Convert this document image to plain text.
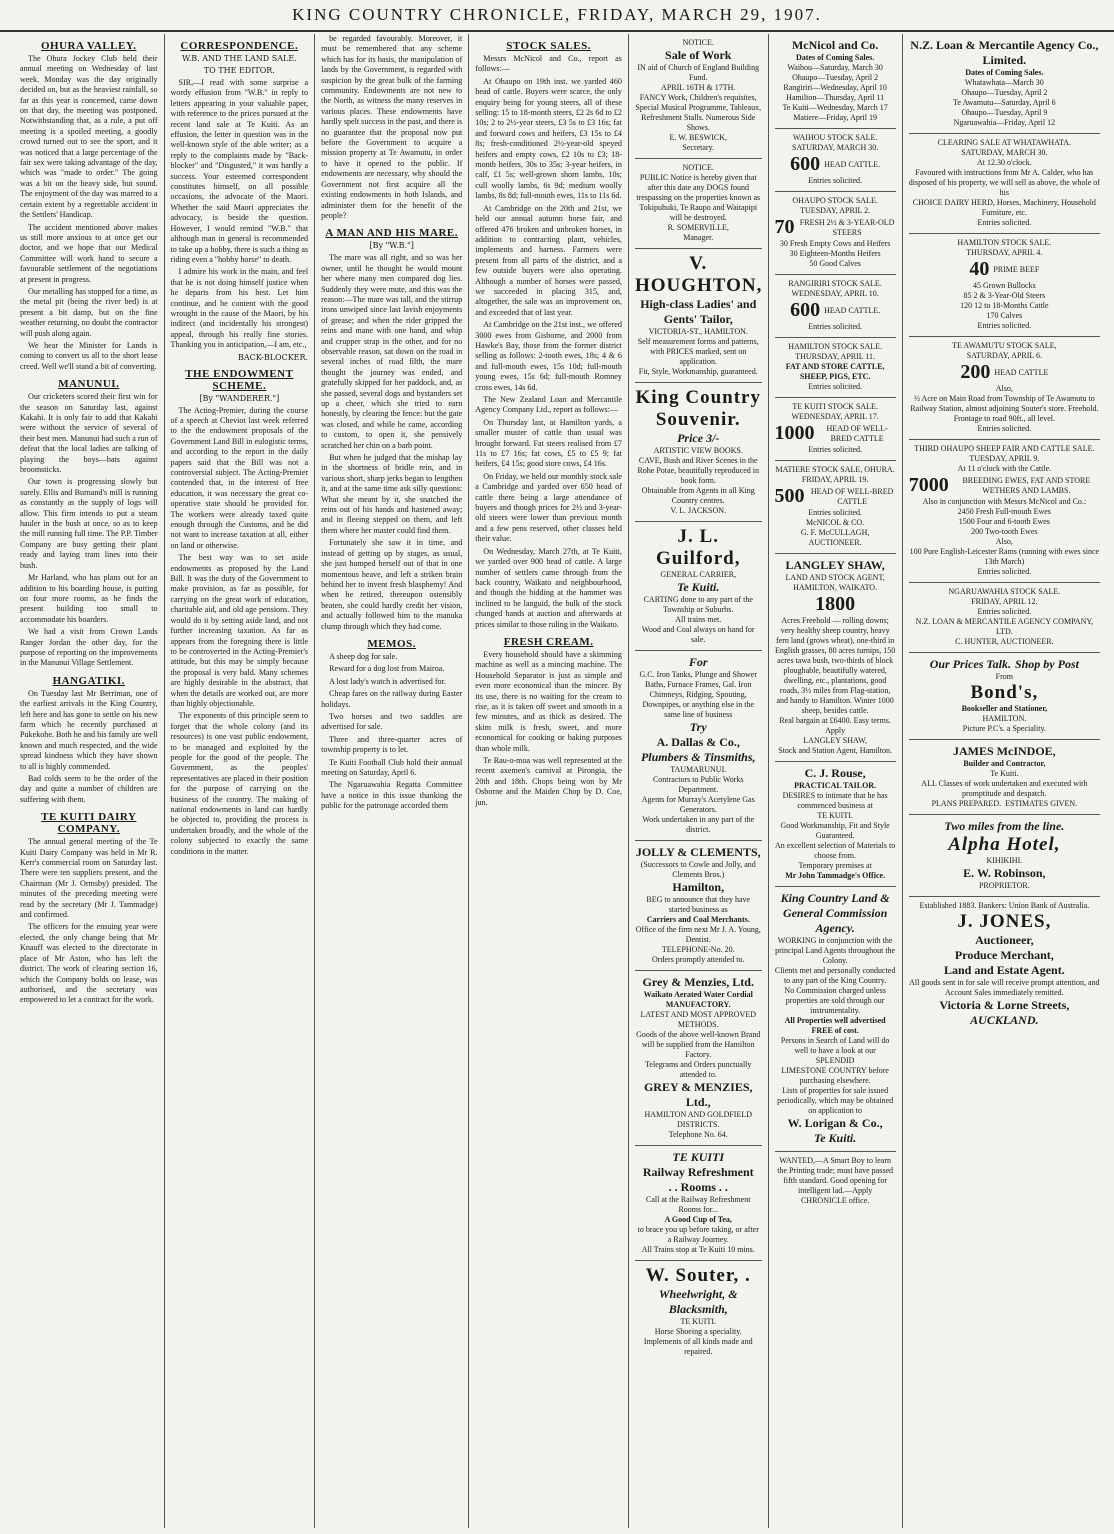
KING COUNTRY CHRONICLE, FRIDAY, MARCH 29, 1907.
OHURA VALLEY.

The Ohura Jockey Club held their annual meeting on Wednesday of last week. Monday was the day originally decided on, but as the heaviest rainfall, so far as this year is concerned, came down on that day, the meeting was postponed. Notwithstanding that, as a rule, a put off meeting is a spoiled meeting, a goodly crowd turned out to see the sport, and it was noticed that a large percentage of the fair sex were taking advantage of the day, which was "made to order." The going was a bit on the heavy side, but sound. The enjoyment of the day was marred to a certain extent by a regrettable accident in the Settlers' Handicap.

The accident mentioned above makes us still more anxious to at once get our doctor, and we hope that our Medical Committee will work hand to secure a favourable settlement of the negotiations at present in progress.

Our metalling has stopped for a time, as the metal pit (being the river bed) is at present a bit damp, but on the fine weather returning, no doubt the contractor will push along again.

We hear the Minister for Lands is coming to convert us all to the short lease creed. Well we'll stand a bit of converting.

MANUNUI.

Our cricketers scored their first win for the season on Saturday last, against Kakahi. It is only fair to add that Kakahi were without the service of several of their best men. Manunui had such a run of defeat that the local ladies are talking of playing the boys—bats against broomsticks.

Our town is progressing slowly but surely. Ellis and Burnand's mill is running as constantly as the supply of logs will allow. This firm intends to put a steam hauler in the bush at once, so as to keep the mill running full time. The P.P. Timber Company are busy getting their plant ready and laying tram lines into their bush.

Mr Harland, who has plans out for an addition to his boarding house, is putting on four more rooms, as he finds the present building too small to accommodate his boarders.

We had a visit from Crown Lands Ranger Jordan the other day, for the purpose of reporting on the improvements in the Manunui Village Settlement.

HANGATIKI.

On Tuesday last Mr Berriman, one of the earliest arrivals in the King Country, left here and has gone to settle on his new farm which he recently purchased at Pukekohe. Both he and his family are well known and much respected, and the wide spread kindness which they have shown to all is highly commended.

Bad colds seem to be the order of the day and quite a number of children are suffering with them.

TE KUITI DAIRY COMPANY.

The annual general meeting of the Te Kuiti Dairy Company was held in Mr R. Kerr's commercial room on Saturday last. There were ten suppliers present, and the Chairman (Mr J. Ormsby) presided. The minutes of the preceding meeting were read by the secretary (Mr J. Tammadge) and confirmed.

The officers for the ensuing year were elected, the only change being that Mr Knauff was elected to the directorate in place of Mr Aston, who has left the district. The work of clearing section 16, which the Company holds on lease, was authorised, and the secretary was empowered to let a contract for the work.

CORRESPONDENCE.
W.B. AND THE LAND SALE.
TO THE EDITOR.

SIR,—I read with some surprise a wordy effusion from "W.B." in reply to letters appearing in your valuable paper, with reference to the prices pursued at the recent land sale at Te Kuiti. As an effusion, the letter in question was in the well-known style of the able writer; as a reply to the complaints made by "Back-blocker" and "Disgusted," it was hardly a success. Your esteemed correspondent constitutes himself, on all possible occasions, the advocate of the Maori. Whether the said Maori appreciates the advocacy, is beside the question. However, I would remind "W.B." that although man in general is recommended to take up a hobby, there is such a thing as riding even a "hobby horse" to death.

I admire his work in the main, and feel that he is not doing himself justice when he departs from his best. Let him continue, and be content with the good wrought in the cause of the Maori, by his indirect (and incidentally his strongest) appeal, through his really fine stories. Thanking you in anticipation,—I am, etc.,

BACK-BLOCKER.
THE ENDOWMENT SCHEME.
[By "WANDERER."]

The Acting-Premier, during the course of a speech at Cheviot last week referred to the the endowment proposals of the Government Land Bill in eulogistic terms, and according to the report in the daily papers said that the Bill was not a controversial subject. The Acting-Premier contended that, in the interest of free education, it was necessary the great co-operative state should be provided for. The workers were already taxed quite enough through the Customs, and he did not want to increase taxation at all, either on land or otherwise.

The best way was to set aside endowments as proposed by the Land Bill. It was the duty of the Government to make provision, as far as possible, for carrying on the great work of education, charitable aid, and old age pensions. They would do it by setting aside land, and not further increasing taxation. As far as appears from the foregoing there is little to be controverted in the Acting-Premier's attitude, but this may be simply because the proposal is very bald. Many schemes are highly desirable in the abstract, that when the details are worked out, are more than highly objectionable.

The exponents of this principle seem to forget that the whole colony (and its resources) is one vast public endowment, to be managed and exploited by the people for the good of the people. The Government, as the peoples' representatives are placed in their position for the purpose of carrying on the business of the country. The making of national endowments in land can hardly be objected to, providing the process is undertaken broadly, and the whole of the colony subjected to exactly the same conditions in the matter.

be regarded favourably. Moreover, it must be remembered that any scheme which has for its basis, the manipulation of lands by the Government, is regarded with suspicion by the great bulk of the farming community. Endowments are not new to the North, as witness the many reserves in various places. These endowments have hardly spelt success in the past, and there is no guarantee that the proposal now put before the Government to acquire a mission property at Te Awamutu, in order to have it opened to the public. If endowments are necessary, why should the Government not first acquire all the existing endowments in both Islands, and administer them for the benefit of the people?

A MAN AND HIS MARE.
[By "W.B."]

The mare was all right, and so was her owner, until he thought he would mount her where many men compared dog lies. Suddenly they were mute, and this was the reason:—The mare was tall, and the stirrup irons unwiped since last lavish enjoyments of grease; and when the rider gripped the reins and mane with one hand, and whip and crupper strap in the other, and for no observable reason, sat down on the road in several inches of road filth, the mare thought the journey was ended, and gratefully skipped for her paddock, and, as she passed, several dogs and bystanders set up a cheer, which she tried to earn honestly, by clearing the fence: but the gate was closed, and while he came, according to custom, to open it, she pensively scratched her chin on a barb point.

But when he judged that the mishap lay in the shortness of bridle rein, and in various short, sharp jerks began to lengthen it, and at the same time ask silly questions: What she meant by it, she snatched the reins out of his hands and hastened away; and in fleeing stepped on them, and left them where her master could find them.

Fortunately she saw it in time, and instead of getting up by stages, as usual, she just humped herself out of that in one momentous heave, and left a striken brain behind her to invent fresh blasphemy! And when he retired, thereupon ostensibly beaten, she could hardly credit her vision, and actually followed him to the manuka clump through which they had come.

MEMOS.

A sheep dog for sale.

Reward for a dog lost from Mairoa.

A lost lady's watch is advertised for.

Cheap fares on the railway during Easter holidays.

Two horses and two saddles are advertised for sale.

Three and three-quarter acres of township property is to let.

Te Kuiti Football Club hold their annual meeting on Saturday, April 6.

The Ngaruawahia Regatta Committee have a notice in this issue thanking the public for the patronage accorded them

STOCK SALES.

Messrs McNicol and Co., report as follows:—

At Ohaupo on 19th inst. we yarded 460 head of cattle. Buyers were scarce, the only enquiry being for young steers, all of these selling: 15 to 18-month steers, £2 2s 6d to £2 10s; 2 to 2½-year steers, £3 5s to £3 16s; fat and forward cows and heifers, £3 15s to £4 8s; fresh-conditioned 2½-year-old speyed heifers and empty cows, £2 10s to £3; 18-month heifers, 30s to 35s; 3-year heifers, in calf, £1 5s; well-grown shorn lambs, 10s; cull woolly lambs, 6s 9d; medium woolly lambs, 8s 8d; full-mouth ewes, 11s to 11s 6d.

At Cambridge on the 20th and 21st, we held our annual autumn horse fair, and offered 476 broken and unbroken horses, in addition to contracting plant, vehicles, implements and harness. Farmers were present from all parts of the district, and a few outside buyers were also operating. Although a number of horses were passed, we succeeded in placing 315, and, altogether, the sale was an improvement on, and exceeded that of last year.

At Cambridge on the 21st inst., we offered 3000 ewes from Gisborne, and 2000 from Hawke's Bay, those from the former district selling as follows: 2-tooth ewes, 18s; 4 & 6 and full-mouth ewes, 15s 10d; full-mouth young ewes, 15s 6d; full-mouth Romney cross ewes, 14s 6d.

The New Zealand Loan and Mercantile Agency Company Ltd., report as follows:—

On Thursday last, at Hamilton yards, a smaller muster of cattle than usual was brought forward. Fat steers realised from £7 11s to £7 16s; fat cows, £5 to £5 9; fat heifers, £4 15s; good store cows, £4 16s.

On Friday, we held our monthly stock sale a Cambridge and yarded over 650 head of cattle there being a large attendance of buyers and though prices for 2½ and 3-year-old steers were lower than previous month and a few pens reserved, other classes held their value.

On Wednesday, March 27th, at Te Kuiti, we yarded over 900 head of cattle. A large number of settlers came through from the back country, Waikato and neighbourhood, and though the bidding at the hammer was inclined to be languid, the bulk of the stock changed hands at auction and afterwards at prices similar to those ruling in the Waikato.

FRESH CREAM.

Every household should have a skimming machine as well as a mincing machine. The Household Separator is just as simple and even more economical than the mincer. By its use, there is no waiting for the cream to rise, as it is taken off sweet and smooth in a few minutes, and as thick as desired. The skim milk is fresh, sweet, and more economical for cooking or baking purposes than whole milk.

Te Rau-o-moa was well represented at the recent axemen's carnival at Pirongia, the 20th and 18th. Chops being won by Mr Osborne and the Maiden Chop by D. Coe, jun.

NOTICE.
Sale of Work
IN aid of Church of England Building Fund.
APRIL 16TH & 17TH.
FANCY Work, Children's requisites, Special Musical Programme, Tableaux, Refreshment Stalls. Numerous Side Shows.
E. W. BESWICK,
Secretary.
NOTICE.
PUBLIC Notice is hereby given that after this date any DOGS found trespassing on the properties known as Tokipuhuki, Te Raupo and Waitapipi will be destroyed.
R. SOMERVILLE,
Manager.
V. HOUGHTON,
High-class Ladies' and Gents' Tailor,
VICTORIA-ST., HAMILTON.
Self measurement forms and patterns, with PRICES marked, sent on application.
Fit, Style, Workmanship, guaranteed.
King Country Souvenir.
Price 3/-
ARTISTIC VIEW BOOKS.
CAVE, Bush and River Scenes in the Rohe Potae, beautifully reproduced in book form.
Obtainable from Agents in all King Country centres.
V. L. JACKSON.
J. L. Guilford,
GENERAL CARRIER,
Te Kuiti.
CARTING done to any part of the Township or Suburbs.
All trains met.
Wood and Coal always on hand for sale.
For
G.C. Iron Tanks, Plunge and Shower Baths, Furnace Frames, Gal. Iron Chimneys, Ridging, Spouting, Downpipes, or anything else in the same line of business
Try
A. Dallas & Co.,
Plumbers & Tinsmiths,
TAUMARUNUI.
Contractors to Public Works Department.
Agents for Murray's Acetylene Gas Generators.
Work undertaken in any part of the district.
JOLLY & CLEMENTS,
(Successors to Cowle and Jolly, and Clements Bros.)
Hamilton,
BEG to announce that they have started business as
Carriers and Coal Merchants.
Office of the firm next Mr J. A. Young, Dentist.
TELEPHONE-No. 20.
Orders promptly attended to.
Grey & Menzies, Ltd.
Waikato Aerated Water Cordial MANUFACTORY.
LATEST AND MOST APPROVED METHODS.
Goods of the above well-known Brand will be supplied from the Hamilton Factory.
Telegrams and Orders punctually attended to.
GREY & MENZIES, Ltd.,
HAMILTON AND GOLDFIELD DISTRICTS.
Telephone No. 64.
TE KUITI
Railway Refreshment
. . Rooms . .
Call at the Railway Refreshment Rooms for...
A Good Cup of Tea,
to brace you up before taking, or after a Railway Journey.
All Trains stop at Te Kuiti 10 mins.
W. Souter, .
Wheelwright, & Blacksmith,
TE KUITI.
Horse Shoeing a speciality.
Implements of all kinds made and repaired.
McNicol and Co.
Dates of Coming Sales.
Waihou—Saturday, March 30
Ohaupo—Tuesday, April 2
Rangiriri—Wednesday, April 10
Hamilton—Thursday, April 11
Te Kuiti—Wednesday, March 17
Matiere—Friday, April 19
WAIHOU STOCK SALE.
SATURDAY, MARCH 30.
600 HEAD CATTLE.
Entries solicited.
OHAUPO STOCK SALE.
TUESDAY, APRIL 2.
70 FRESH 2½ & 3-YEAR-OLD STEERS
30 Fresh Empty Cows and Heifers
30 Eighteen-Months Heifers
50 Good Calves
RANGIRIRI STOCK SALE.
WEDNESDAY, APRIL 10.
600 HEAD CATTLE.
Entries solicited.
HAMILTON STOCK SALE.
THURSDAY, APRIL 11.
FAT AND STORE CATTLE, SHEEP, PIGS, ETC.
Entries solicited.
TE KUITI STOCK SALE.
WEDNESDAY, APRIL 17.
1000	HEAD OF WELL-BRED CATTLE
Entries solicited.
MATIERE STOCK SALE, OHURA.
FRIDAY, APRIL 19.
500 HEAD OF WELL-BRED CATTLE
Entries solicited.
McNICOL & CO.
G. F. McCULLAGH, AUCTIONEER.
LANGLEY SHAW,
LAND AND STOCK AGENT, HAMILTON, WAIKATO.
1800
Acres Freehold — rolling downs; very healthy sheep country, heavy fern land (grows wheat), one-third in English grasses, 80 acres turnips, 150 acres tawa bush, two-thirds of block ploughable, beautifully watered, dwelling, etc., plantations, good roads, 3½ miles from Flag-station, and handy to Hamilton. Winter 1000 sheep, besides cattle.
Real bargain at £6400. Easy terms.
Apply
LANGLEY SHAW,
Stock and Station Agent, Hamilton.
C. J. Rouse,
PRACTICAL TAILOR.
DESIRES to intimate that he has commenced business at
TE KUITI.
Good Workmanship, Fit and Style Guaranteed.
An excellent selection of Materials to choose from.
Temporary premises at
Mr John Tammadge's Office.
King Country Land & General Commission Agency.
WORKING in conjunction with the principal Land Agents throughout the Colony.
Clients met and personally conducted to any part of the King Country.
No Commission charged unless properties are sold through our instrumentality.
All Properties well advertised FREE of cost.
Persons in Search of Land will do well to have a look at our SPLENDID
LIMESTONE COUNTRY before purchasing elsewhere.
Lists of properties for sale issued periodically, which may be obtained on application to
W. Lorigan & Co.,
Te Kuiti.
WANTED,—A Smart Boy to learn the Printing trade; must have passed fifth standard. Good opening for intelligent lad.—Apply CHRONICLE office.
N.Z. Loan & Mercantile Agency Co., Limited.
Dates of Coming Sales.
Whatawhata—March 30
Ohaupo—Tuesday, April 2
Te Awamutu—Saturday, April 6
Ohaupo—Tuesday, April 9
Ngaruawahia—Friday, April 12
CLEARING SALE AT WHATAWHATA.
SATURDAY, MARCH 30.
At 12.30 o'clock.
Favoured with instructions from Mr A. Calder, who has disposed of his property, we will sell as above, the whole of his
CHOICE DAIRY HERD, Horses, Machinery, Household Furniture, etc.
Entries solicited.
HAMILTON STOCK SALE.
THURSDAY, APRIL 4.
40 PRIME BEEF
45 Grown Bullocks
85 2 & 3-Year-Old Steers
120 12 to 18-Months Cattle
170 Calves
Entries solicited.
TE AWAMUTU STOCK SALE,
SATURDAY, APRIL 6.
200 HEAD CATTLE
Also,
½ Acre on Main Road from Township of Te Awamutu to Railway Station, almost adjoining Souter's store. Freehold. Frontage to road 90ft., all level.
Entries solicited.
THIRD OHAUPO SHEEP FAIR AND CATTLE SALE.
TUESDAY, APRIL 9.
At 11 o'clock with the Cattle.
7000	BREEDING EWES, FAT AND STORE WETHERS AND LAMBS.
Also in conjunction with Messrs McNicol and Co.:
2450 Fresh Full-mouth Ewes
1500 Four and 6-tooth Ewes
200 Two-tooth Ewes
Also,
100 Pure English-Leicester Rams (running with ewes since 13th March)
Entries solicited.
NGARUAWAHIA STOCK SALE.
FRIDAY, APRIL 12.
Entries solicited.
N.Z. LOAN & MERCANTILE AGENCY COMPANY, LTD.
C. HUNTER, AUCTIONEER.
Our Prices Talk. Shop by Post
From
Bond's,
Bookseller and Stationer,
HAMILTON.
Picture P.C's. a Speciality.
JAMES McINDOE,
Builder and Contractor,
Te Kuiti.
ALL Classes of work undertaken and executed with promptitude and despatch.
PLANS PREPARED. ESTIMATES GIVEN.
Two miles from the line.
Alpha Hotel,
KIHIKIHI.
E. W. Robinson,
PROPRIETOR.
Established 1883. Bankers: Union Bank of Australia.
J. JONES,
Auctioneer,
Produce Merchant,
Land and Estate Agent.
All goods sent in for sale will receive prompt attention, and Account Sales immediately remitted.
Victoria & Lorne Streets,
AUCKLAND.
